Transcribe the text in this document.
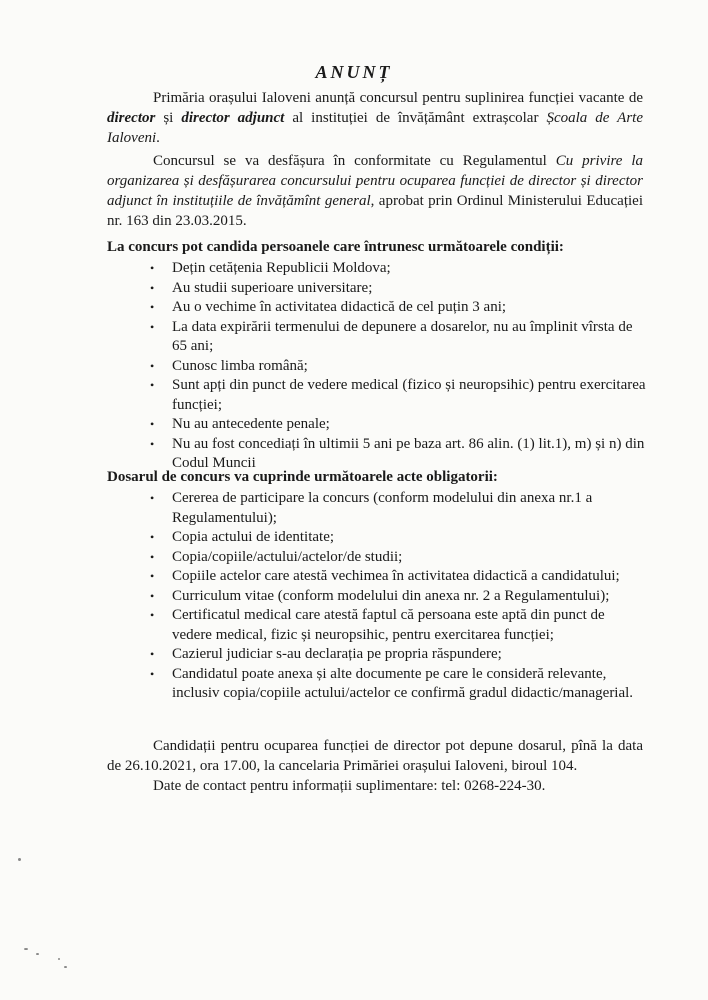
ANUNȚ

Primăria orașului Ialoveni anunță concursul pentru suplinirea funcției vacante de director și director adjunct al instituției de învățământ extrașcolar Școala de Arte Ialoveni.

Concursul se va desfășura în conformitate cu Regulamentul Cu privire la organizarea și desfășurarea concursului pentru ocuparea funcției de director și director adjunct în instituțiile de învățămînt general, aprobat prin Ordinul Ministerului Educației nr. 163 din 23.03.2015.

La concurs pot candida persoanele care întrunesc următoarele condiții:
• Dețin cetățenia Republicii Moldova;
• Au studii superioare universitare;
• Au o vechime în activitatea didactică de cel puțin 3 ani;
• La data expirării termenului de depunere a dosarelor, nu au împlinit vîrsta de 65 ani;
• Cunosc limba română;
• Sunt apți din punct de vedere medical (fizico și neuropsihic) pentru exercitarea funcției;
• Nu au antecedente penale;
• Nu au fost concediați în ultimii 5 ani pe baza art. 86 alin. (1) lit.1), m) și n) din Codul Muncii
Dosarul de concurs va cuprinde următoarele acte obligatorii:
• Cererea de participare la concurs (conform modelului din anexa nr.1 a Regulamentului);
• Copia actului de identitate;
• Copia/copiile/actului/actelor/de studii;
• Copiile actelor care atestă vechimea în activitatea didactică a candidatului;
• Curriculum vitae (conform modelului din anexa nr. 2 a Regulamentului);
• Certificatul medical care atestă faptul că persoana este aptă din punct de vedere medical, fizic și neuropsihic, pentru exercitarea funcției;
• Cazierul judiciar s-au declarația pe propria răspundere;
• Candidatul poate anexa și alte documente pe care le consideră relevante, inclusiv copia/copiile actului/actelor ce confirmă gradul didactic/managerial.

Candidații pentru ocuparea funcției de director pot depune dosarul, pînă la data de 26.10.2021, ora 17.00, la cancelaria Primăriei orașului Ialoveni, biroul 104.

Date de contact pentru informații suplimentare: tel: 0268-224-30.
